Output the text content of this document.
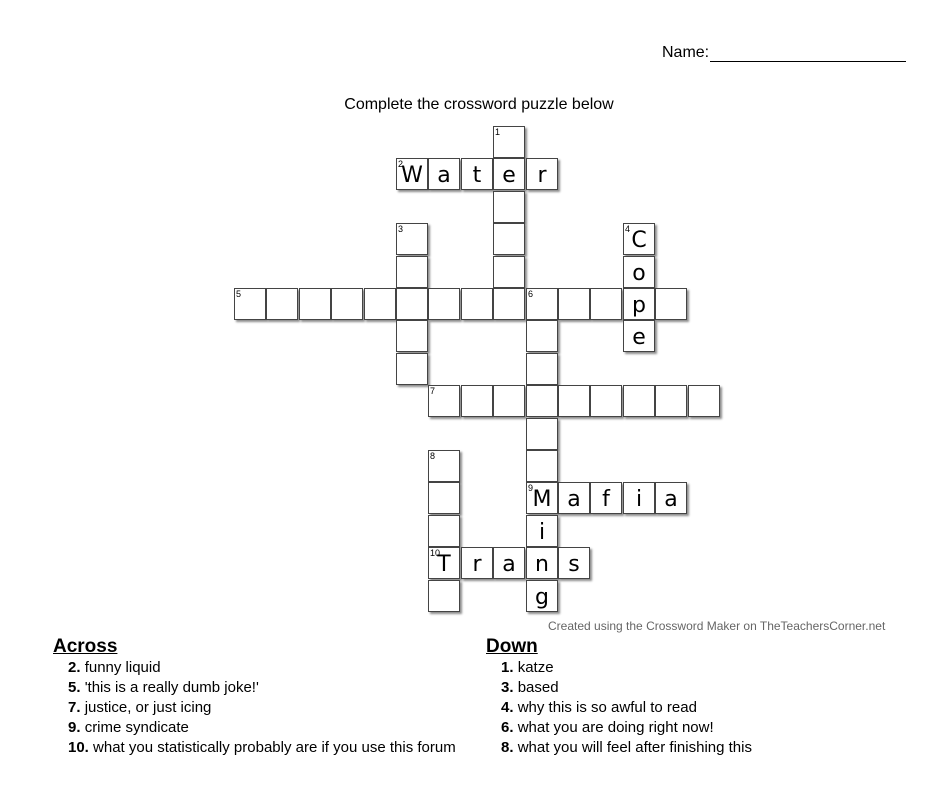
Name:
Complete the crossword puzzle below
1
2
W a t e r
3	4 C
o
5	6	p
e
7
8
9 M a f	i	a
i
10
T r a n s
g
Created using the Crossword Maker on TheTeachersCorner.net
Across
2. funny liquid
5. 'this is a really dumb joke!'
7. justice, or just icing
9. crime syndicate
10. what you statistically probably are if you use this forum
Down
1. katze
3. based
4. why this is so awful to read
6. what you are doing right now!
8. what you will feel after finishing this
